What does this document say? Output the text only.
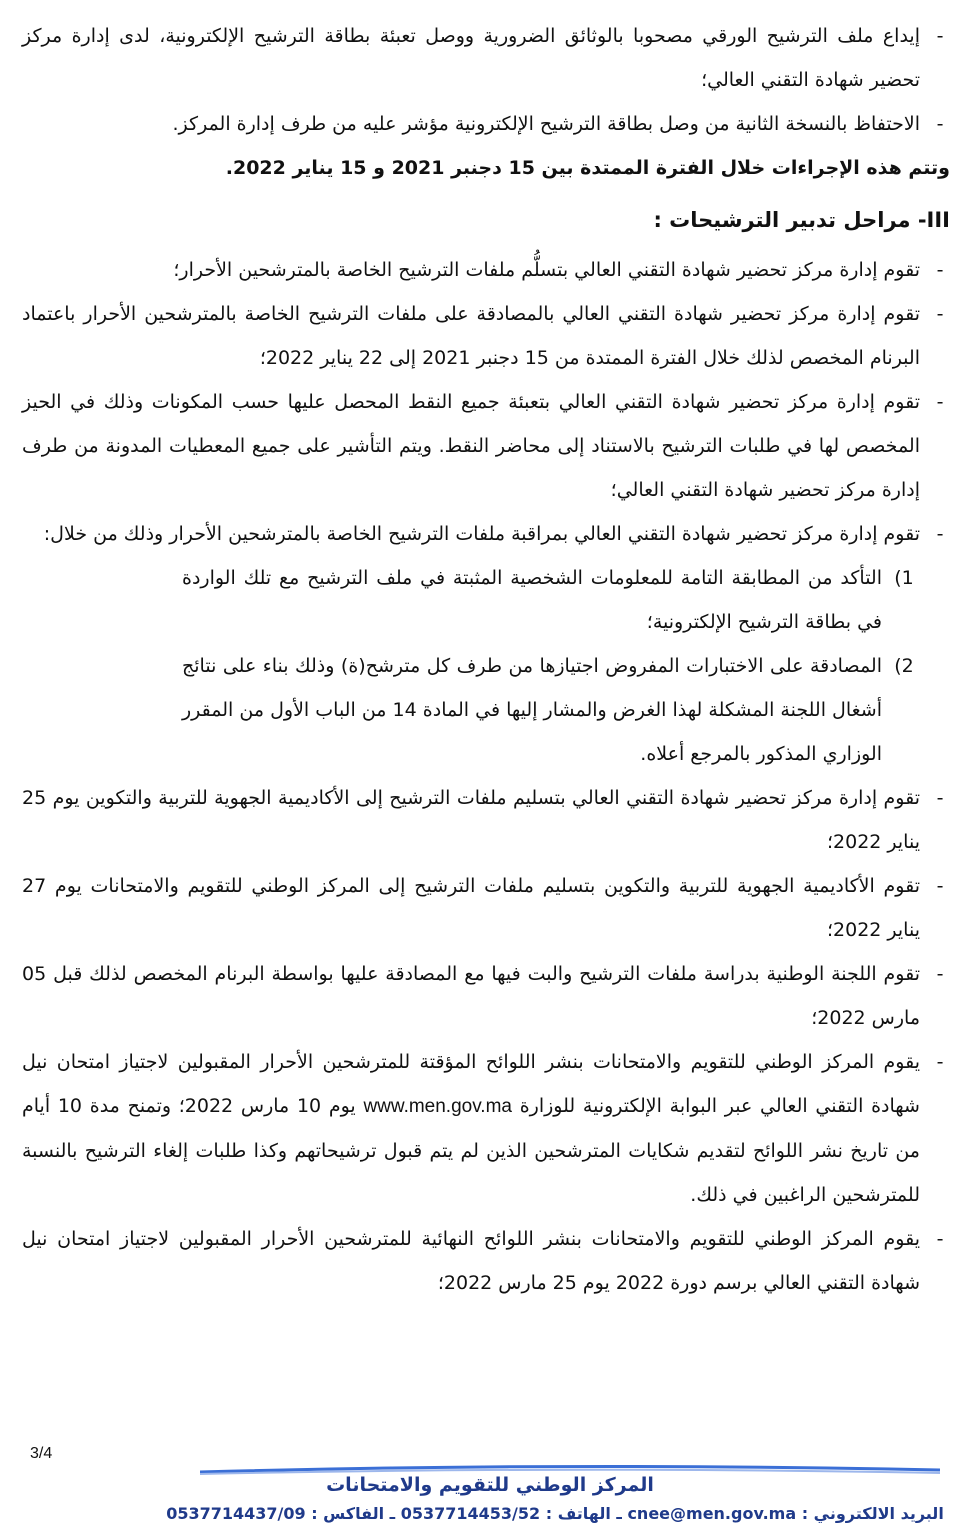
-
إيداع ملف الترشيح الورقي مصحوبا بالوثائق الضرورية ووصل تعبئة بطاقة الترشيح الإلكترونية، لدى إدارة مركز تحضير شهادة التقني العالي؛

-
الاحتفاظ بالنسخة الثانية من وصل بطاقة الترشيح الإلكترونية مؤشر عليه من طرف إدارة المركز.

وتتم هذه الإجراءات خلال الفترة الممتدة بين 15 دجنبر 2021 و 15 يناير 2022.

III- مراحل تدبير الترشيحات :

-
تقوم إدارة مركز تحضير شهادة التقني العالي بتسلُّم ملفات الترشيح الخاصة بالمترشحين الأحرار؛

-
تقوم إدارة مركز تحضير شهادة التقني العالي بالمصادقة على ملفات الترشيح الخاصة بالمترشحين الأحرار باعتماد البرنام المخصص لذلك خلال الفترة الممتدة من 15 دجنبر 2021 إلى 22 يناير 2022؛

-
تقوم إدارة مركز تحضير شهادة التقني العالي بتعبئة جميع النقط المحصل عليها حسب المكونات وذلك في الحيز المخصص لها في طلبات الترشيح بالاستناد إلى محاضر النقط. ويتم التأشير على جميع المعطيات المدونة من طرف إدارة مركز تحضير شهادة التقني العالي؛

-
تقوم إدارة مركز تحضير شهادة التقني العالي بمراقبة ملفات الترشيح الخاصة بالمترشحين الأحرار وذلك من خلال:

1)
التأكد من المطابقة التامة للمعلومات الشخصية المثبتة في ملف الترشيح مع تلك الواردة في بطاقة الترشيح الإلكترونية؛

2)
المصادقة على الاختبارات المفروض اجتيازها من طرف كل مترشح(ة) وذلك بناء على نتائج أشغال اللجنة المشكلة لهذا الغرض والمشار إليها في المادة 14 من الباب الأول من المقرر الوزاري المذكور بالمرجع أعلاه.

-
تقوم إدارة مركز تحضير شهادة التقني العالي بتسليم ملفات الترشيح إلى الأكاديمية الجهوية للتربية والتكوين يوم 25 يناير 2022؛

-
تقوم الأكاديمية الجهوية للتربية والتكوين بتسليم ملفات الترشيح إلى المركز الوطني للتقويم والامتحانات يوم 27 يناير 2022؛

-
تقوم اللجنة الوطنية بدراسة ملفات الترشيح والبت فيها مع المصادقة عليها بواسطة البرنام المخصص لذلك قبل 05 مارس 2022؛

-
يقوم المركز الوطني للتقويم والامتحانات بنشر اللوائح المؤقتة للمترشحين الأحرار المقبولين لاجتياز امتحان نيل شهادة التقني العالي عبر البوابة الإلكترونية للوزارة www.men.gov.ma يوم 10 مارس 2022؛ وتمنح مدة 10 أيام من تاريخ نشر اللوائح لتقديم شكايات المترشحين الذين لم يتم قبول ترشيحاتهم وكذا طلبات إلغاء الترشيح بالنسبة للمترشحين الراغبين في ذلك.

-
يقوم المركز الوطني للتقويم والامتحانات بنشر اللوائح النهائية للمترشحين الأحرار المقبولين لاجتياز امتحان نيل شهادة التقني العالي برسم دورة 2022 يوم 25 مارس 2022؛

3/4
المركز الوطني للتقويم والامتحانات
البريد الالكتروني : cnee@men.gov.ma ـ الهاتف : 0537714453/52 ـ الفاكس : 0537714437/09
